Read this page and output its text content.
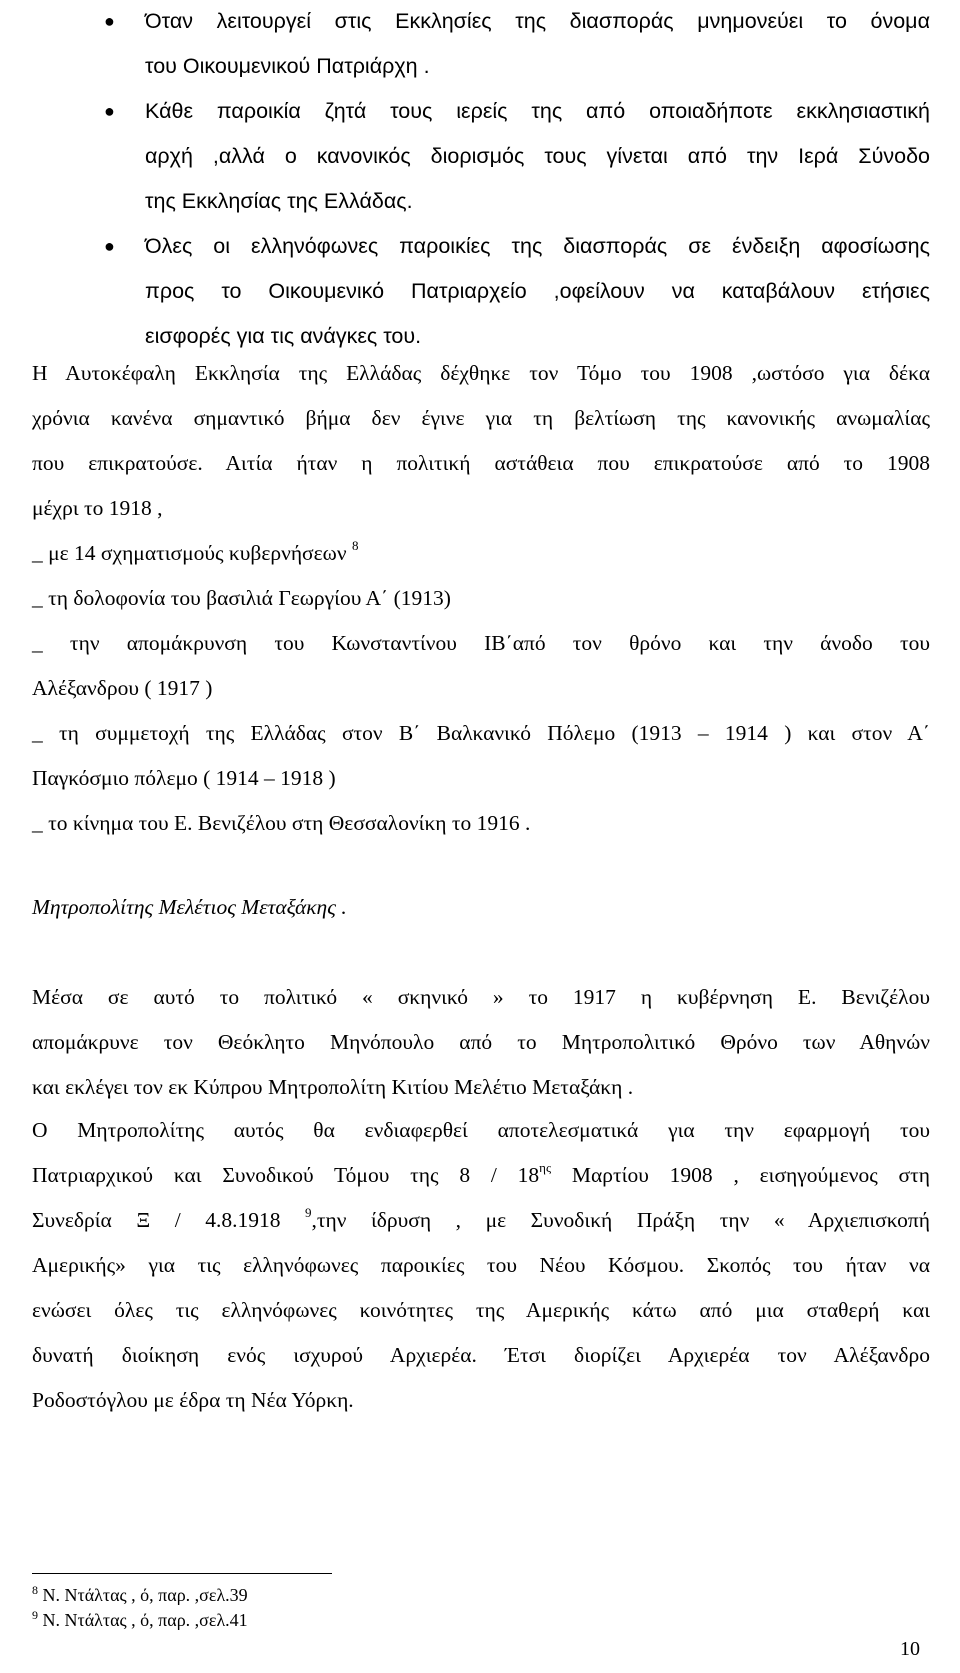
● Όταν λειτουργεί στις Εκκλησίες της διασποράς μνημονεύει το όνομα
του Οικουμενικού Πατριάρχη .
● Κάθε παροικία ζητά τους ιερείς της από οποιαδήποτε εκκλησιαστική
αρχή ,αλλά ο κανονικός διορισμός τους γίνεται από την Ιερά Σύνοδο
της Εκκλησίας της Ελλάδας.
● Όλες οι ελληνόφωνες παροικίες της διασποράς σε ένδειξη αφοσίωσης
προς το Οικουμενικό Πατριαρχείο ,οφείλουν να καταβάλουν ετήσιες
εισφορές για τις ανάγκες του.
Η Αυτοκέφαλη Εκκλησία της Ελλάδας δέχθηκε τον Τόμο του 1908 ,ωστόσο για δέκα
χρόνια κανένα σημαντικό βήμα δεν έγινε για τη βελτίωση της κανονικής ανωμαλίας
που επικρατούσε. Αιτία ήταν η πολιτική αστάθεια που επικρατούσε από το 1908
μέχρι το 1918 ,
_ με 14 σχηματισμούς κυβερνήσεων $^8$
_ τη δολοφονία του βασιλιά Γεωργίου Α΄ (1913)
_ την απομάκρυνση του Κωνσταντίνου ΙΒ΄από τον θρόνο και την άνοδο του
Αλέξανδρου ( 1917 )
_ τη συμμετοχή της Ελλάδας στον Β΄ Βαλκανικό Πόλεμο (1913 – 1914 ) και στον Α΄
Παγκόσμιο πόλεμο ( 1914 – 1918 )
_ το κίνημα του Ε. Βενιζέλου στη Θεσσαλονίκη το 1916 .
Μητροπολίτης Μελέτιος Μεταξάκης .
Μέσα σε αυτό το πολιτικό « σκηνικό » το 1917 η κυβέρνηση Ε. Βενιζέλου
απομάκρυνε τον Θεόκλητο Μηνόπουλο από το Μητροπολιτικό Θρόνο των Αθηνών
και εκλέγει τον εκ Κύπρου Μητροπολίτη Κιτίου Μελέτιο Μεταξάκη .
Ο Μητροπολίτης αυτός θα ενδιαφερθεί αποτελεσματικά για την εφαρμογή του
Πατριαρχικού και Συνοδικού Τόμου της $8 / 18^{\eta\varsigma}$ Μαρτίου 1908 , εισηγούμενος στη
Συνεδρία Ξ / 4.8.1918 $^9$,την ίδρυση , με Συνοδική Πράξη την « Αρχιεπισκοπή
Αμερικής» για τις ελληνόφωνες παροικίες του Νέου Κόσμου. Σκοπός του ήταν να
ενώσει όλες τις ελληνόφωνες κοινότητες της Αμερικής κάτω από μια σταθερή και
δυνατή διοίκηση ενός ισχυρού Αρχιερέα. Έτσι διορίζει Αρχιερέα τον Αλέξανδρο
Ροδοστόγλου με έδρα τη Νέα Υόρκη.
$^8$ Ν. Ντάλτας , ό, παρ. ,σελ.39
$^9$ Ν. Ντάλτας , ό, παρ. ,σελ.41
10
